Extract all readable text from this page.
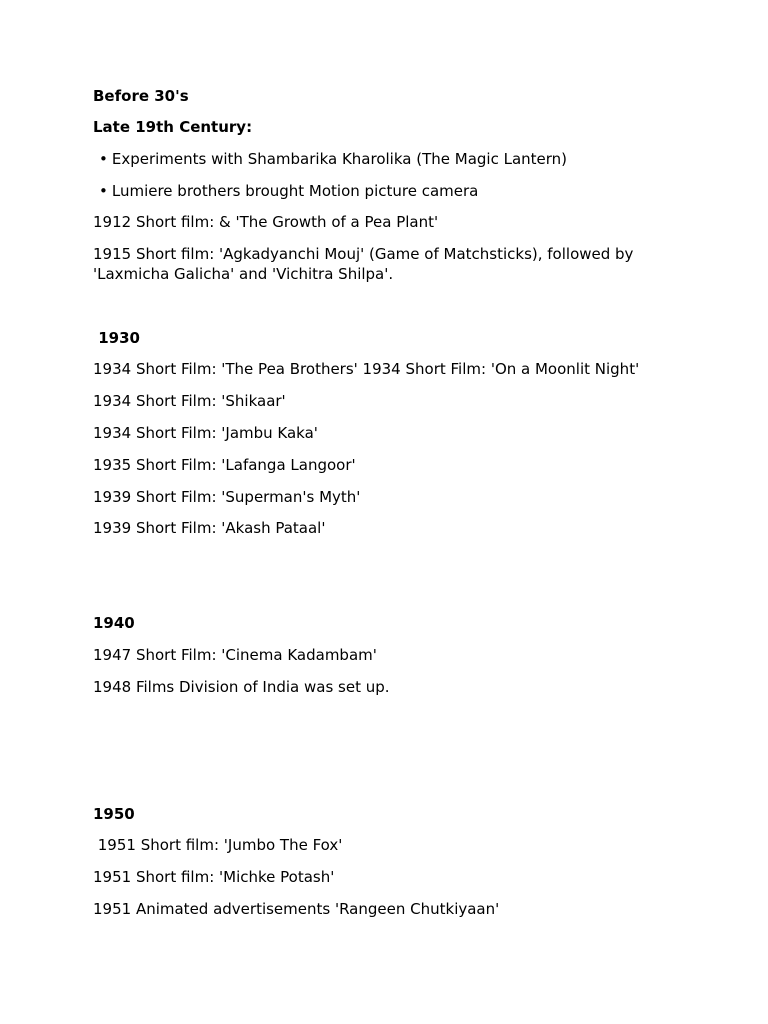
Before 30's

Late 19th Century:

• Experiments with Shambarika Kharolika (The Magic Lantern)

• Lumiere brothers brought Motion picture camera

1912 Short film: & 'The Growth of a Pea Plant'

1915 Short film: 'Agkadyanchi Mouj' (Game of Matchsticks), followed by 'Laxmicha Galicha' and 'Vichitra Shilpa'.

1930

1934 Short Film: 'The Pea Brothers' 1934 Short Film: 'On a Moonlit Night'

1934 Short Film: 'Shikaar'

1934 Short Film: 'Jambu Kaka'

1935 Short Film: 'Lafanga Langoor'

1939 Short Film: 'Superman's Myth'

1939 Short Film: 'Akash Pataal'

1940

1947 Short Film: 'Cinema Kadambam'

1948 Films Division of India was set up.

1950

1951 Short film: 'Jumbo The Fox'

1951 Short film: 'Michke Potash'

1951 Animated advertisements 'Rangeen Chutkiyaan'
